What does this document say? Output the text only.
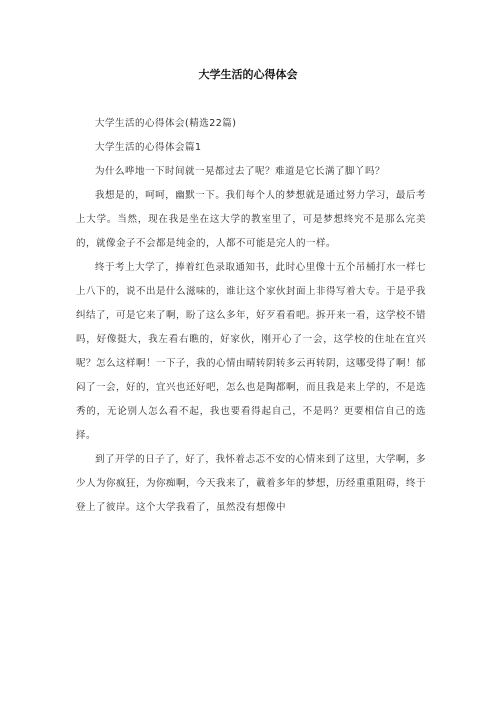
大学生活的心得体会

大学生活的心得体会(精选22篇)

大学生活的心得体会篇1

为什么哗地一下时间就一晃都过去了呢？难道是它长满了脚丫吗？

我想是的，呵呵，幽默一下。我们每个人的梦想就是通过努力学习，最后考上大学。当然，现在我是坐在这大学的教室里了，可是梦想终究不是那么完美的，就像金子不会都是纯金的，人都不可能是完人的一样。

终于考上大学了，捧着红色录取通知书，此时心里像十五个吊桶打水一样七上八下的，说不出是什么滋味的，谁让这个家伙封面上非得写着大专。于是乎我纠结了，可是它来了啊，盼了这么多年，好歹看看吧。拆开来一看，这学校不错吗，好像挺大，我左看右瞧的，好家伙，刚开心了一会，这学校的住址在宜兴呢？怎么这样啊！一下子，我的心情由晴转阴转多云再转阴，这哪受得了啊！郁闷了一会，好的，宜兴也还好吧，怎么也是陶都啊，而且我是来上学的，不是选秀的，无论别人怎么看不起，我也要看得起自己，不是吗？更要相信自己的选择。

到了开学的日子了，好了，我怀着忐忑不安的心情来到了这里，大学啊，多少人为你疯狂，为你痴啊，今天我来了，載着多年的梦想，历经重重阻碍，终于登上了彼岸。这个大学我看了，虽然没有想像中
